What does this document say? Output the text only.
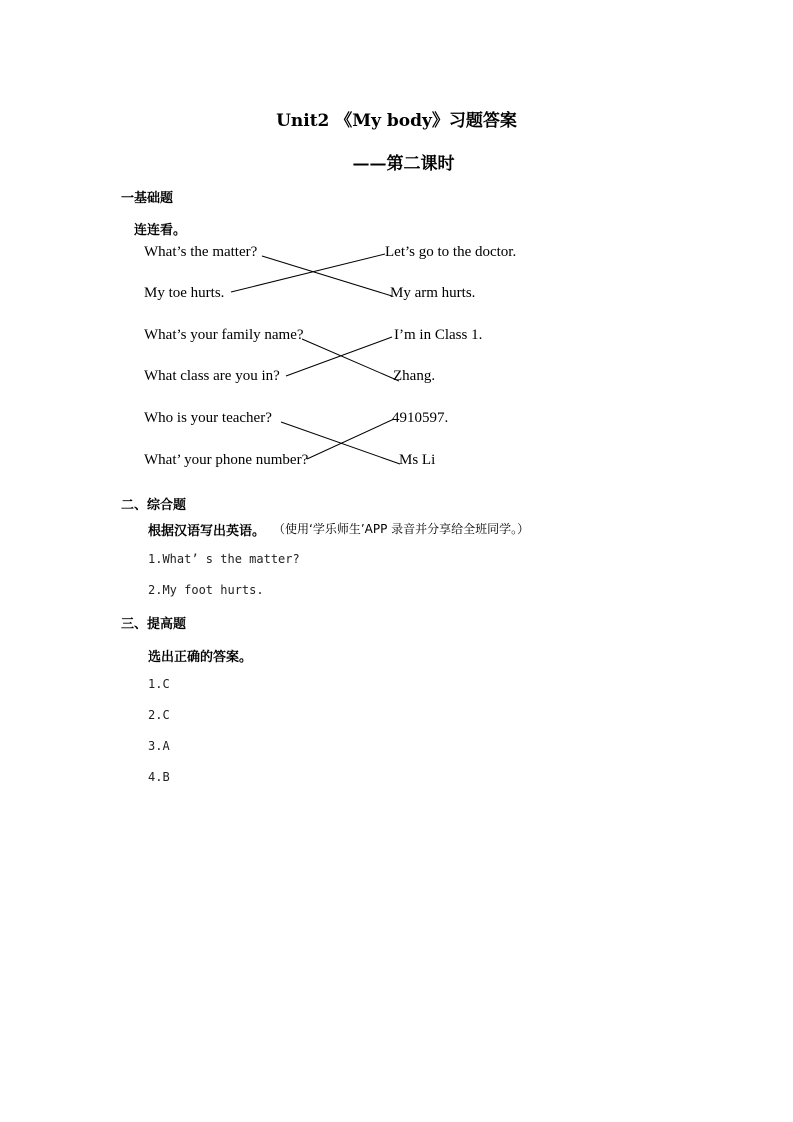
Unit2 《My body》习题答案
——第二课时
一基础题
连连看。
What’s the matter?
My toe hurts.
What’s your family name?
What class are you in?
Who is your teacher?
What’ your phone number?
Let’s go to the doctor.
My arm hurts.
I’m in Class 1.
Zhang.
4910597.
Ms Li
二、综合题
根据汉语写出英语。 （使用‘学乐师生’APP 录音并分享给全班同学。）
1.What’ s the matter?
2.My foot hurts.
三、提高题
选出正确的答案。
1.C
2.C
3.A
4.B
